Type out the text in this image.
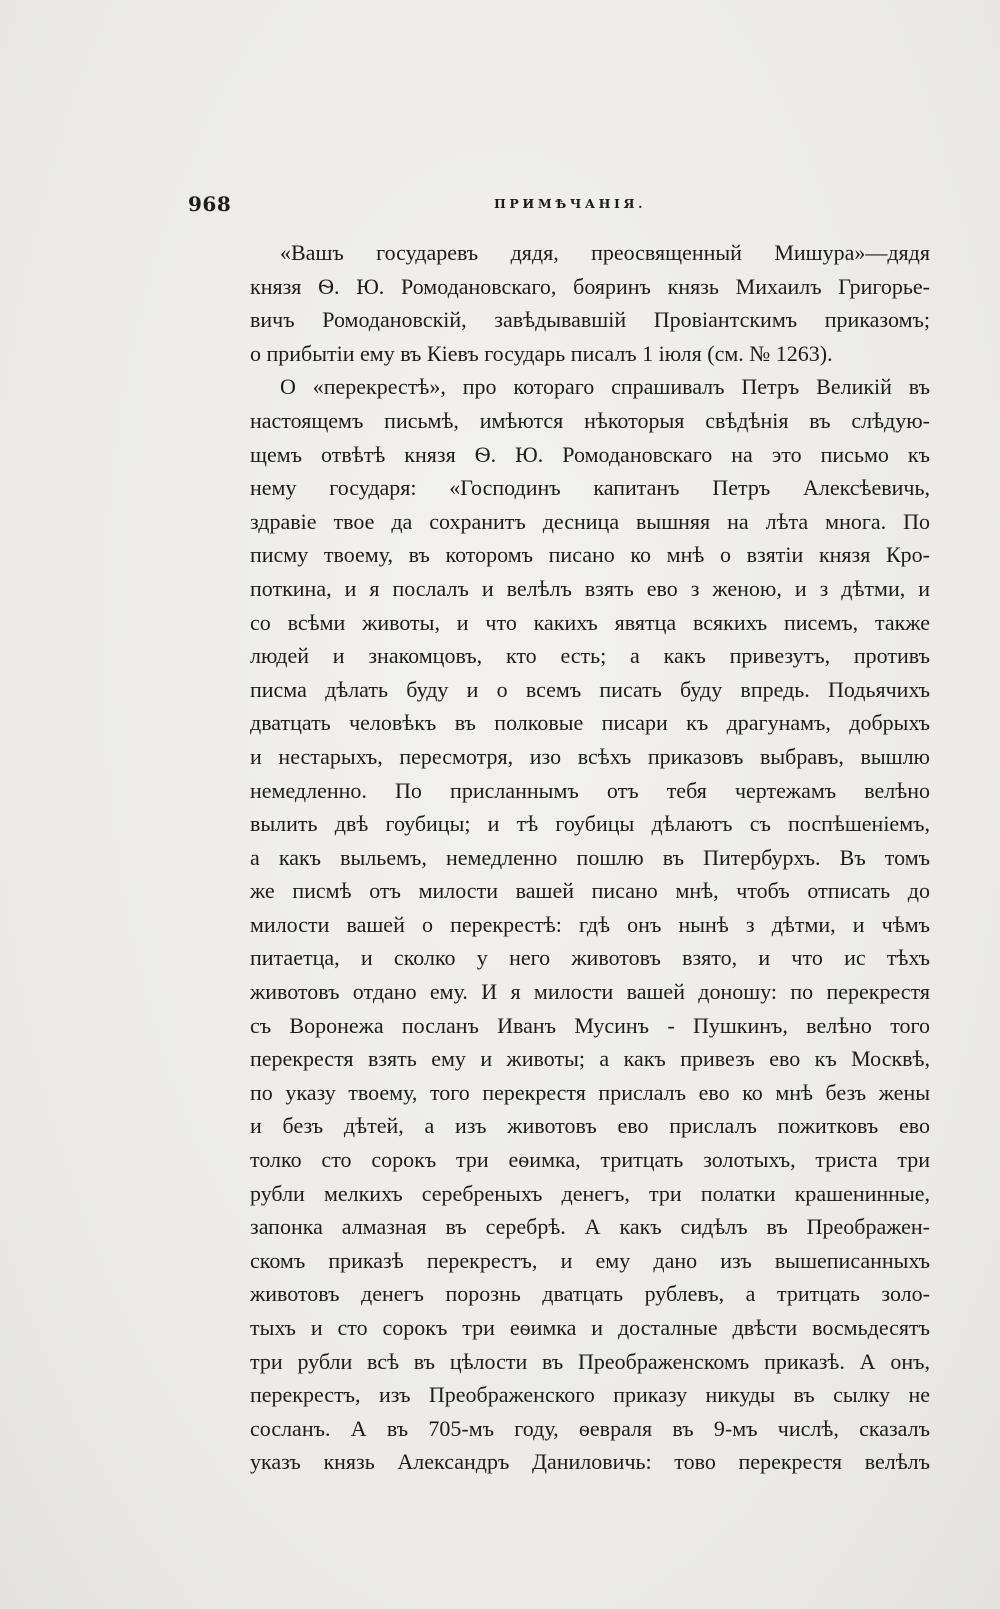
968	ПРИМѢЧАНІЯ.
«Вашъ государевъ дядя, преосвященный Мишура»—дядя
князя Ѳ. Ю. Ромодановскаго, бояринъ князь Михаилъ Григорье-
вичъ Ромодановскій, завѣдывавшій Провіантскимъ приказомъ;
о прибытіи ему въ Кіевъ государь писалъ 1 іюля (см. № 1263).
О «перекрестѣ», про котораго спрашивалъ Петръ Великій въ
настоящемъ письмѣ, имѣются нѣкоторыя свѣдѣнія въ слѣдую-
щемъ отвѣтѣ князя Ѳ. Ю. Ромодановскаго на это письмо къ
нему государя: «Господинъ капитанъ Петръ Алексѣевичь,
здравіе твое да сохранитъ десница вышняя на лѣта многа. По
писму твоему, въ которомъ писано ко мнѣ о взятіи князя Кро-
поткина, и я послалъ и велѣлъ взять ево з женою, и з дѣтми, и
со всѣми животы, и что какихъ явятца всякихъ писемъ, также
людей и знакомцовъ, кто есть; а какъ привезутъ, противъ
писма дѣлать буду и о всемъ писать буду впредь. Подьячихъ
дватцать человѣкъ въ полковые писари къ драгунамъ, добрыхъ
и нестарыхъ, пересмотря, изо всѣхъ приказовъ выбравъ, вышлю
немедленно. По присланнымъ отъ тебя чертежамъ велѣно
вылить двѣ гоубицы; и тѣ гоубицы дѣлаютъ съ поспѣшеніемъ,
а какъ выльемъ, немедленно пошлю въ Питербурхъ. Въ томъ
же писмѣ отъ милости вашей писано мнѣ, чтобъ отписать до
милости вашей о перекрестѣ: гдѣ онъ нынѣ з дѣтми, и чѣмъ
питаетца, и сколко у него животовъ взято, и что ис тѣхъ
животовъ отдано ему. И я милости вашей доношу: по перекрестя
съ Воронежа посланъ Иванъ Мусинъ - Пушкинъ, велѣно того
перекрестя взять ему и животы; а какъ привезъ ево къ Москвѣ,
по указу твоему, того перекрестя прислалъ ево ко мнѣ безъ жены
и безъ дѣтей, а изъ животовъ ево прислалъ пожитковъ ево
толко сто сорокъ три еѳимка, тритцать золотыхъ, триста три
рубли мелкихъ серебреныхъ денегъ, три полатки крашенинные,
запонка алмазная въ серебрѣ. А какъ сидѣлъ въ Преображен-
скомъ приказѣ перекрестъ, и ему дано изъ вышеписанныхъ
животовъ денегъ порознь дватцать рублевъ, а тритцать золо-
тыхъ и сто сорокъ три еѳимка и досталные двѣсти восмьдесятъ
три рубли всѣ въ цѣлости въ Преображенскомъ приказѣ. А онъ,
перекрестъ, изъ Преображенского приказу никуды въ сылку не
сосланъ. А въ 705-мъ году, ѳевраля въ 9-мъ числѣ, сказалъ
указъ князь Александръ Даниловичь: тово перекрестя велѣлъ
